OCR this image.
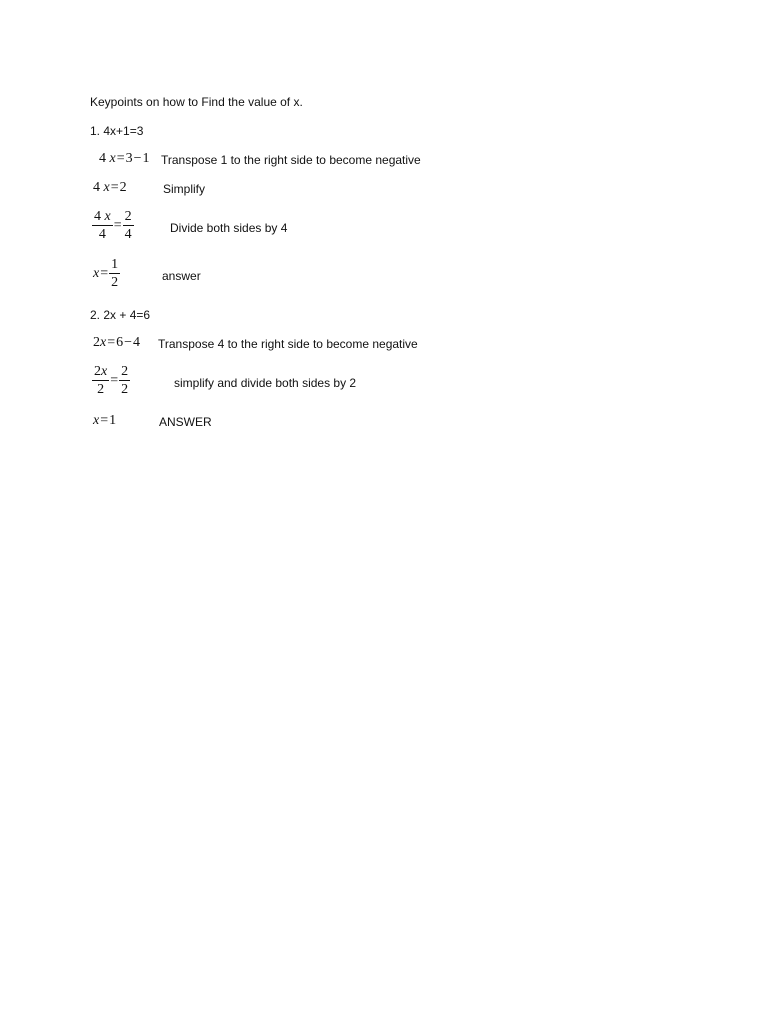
Keypoints on how to Find the value of x.
1. 4x+1=3
4 x=3−1 Transpose 1 to the right side to become negative
4 x=2	Simplify
$\frac{4 x}{4} = \frac{2}{4}$	Divide both sides by 4
$x= \frac{1}{2}$	answer
2. 2x + 4=6
2x=6−4 Transpose 4 to the right side to become negative
$\frac{2x}{2} = \frac{2}{2}$	simplify and divide both sides by 2
x=1	ANSWER
